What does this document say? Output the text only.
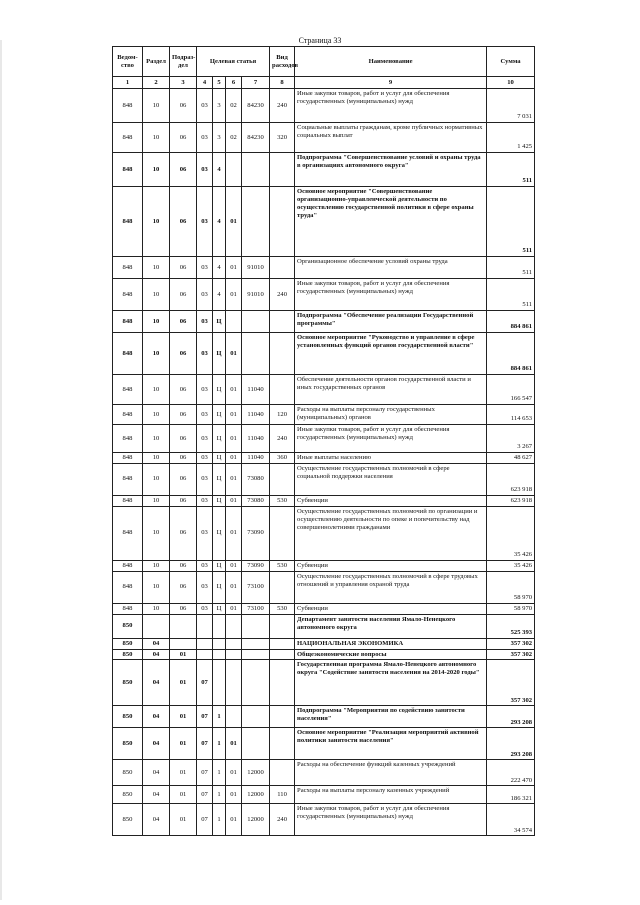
Страница 33
Ведом-ство	Раздел	Подраз-дел	Целевая статья				Вид расходов	Наименование	Сумма
1	2	3	4	5	6	7	8	9	10
848	10	06	03	3	02	84230	240	Иные закупки товаров, работ и услуг для обеспечения государственных (муниципальных) нужд	7 031
848	10	06	03	3	02	84230	320	Социальные выплаты гражданам, кроме публичных нормативных социальных выплат	1 425
848	10	06	03	4				Подпрограмма "Совершенствование условий и охраны труда в организациях автономного округа"	511
848	10	06	03	4	01			Основное мероприятие "Совершенствование организационно-управленческой деятельности по осуществлению государственной политики в сфере охраны труда"	511
848	10	06	03	4	01	91010		Организационное обеспечение условий охраны труда	511
848	10	06	03	4	01	91010	240	Иные закупки товаров, работ и услуг для обеспечения государственных (муниципальных) нужд	511
848	10	06	03	Ц				Подпрограмма "Обеспечение реализации Государственной программы"	884 861
848	10	06	03	Ц	01			Основное мероприятие "Руководство и управление в сфере установленных функций органов государственной власти"	884 861
848	10	06	03	Ц	01	11040		Обеспечение деятельности органов государственной власти и иных государственных органов	166 547
848	10	06	03	Ц	01	11040	120	Расходы на выплаты персоналу государственных (муниципальных) органов	114 653
848	10	06	03	Ц	01	11040	240	Иные закупки товаров, работ и услуг для обеспечения государственных (муниципальных) нужд	3 267
848	10	06	03	Ц	01	11040	360	Иные выплаты населению	48 627
848	10	06	03	Ц	01	73080		Осуществление государственных полномочий в сфере социальной поддержки населения	623 918
848	10	06	03	Ц	01	73080	530	Субвенции	623 918
848	10	06	03	Ц	01	73090		Осуществление государственных полномочий по организации и осуществлению деятельности по опеке и попечительству над совершеннолетними гражданами	35 426
848	10	06	03	Ц	01	73090	530	Субвенции	35 426
848	10	06	03	Ц	01	73100		Осуществление государственных полномочий в сфере трудовых отношений и управления охраной труда	58 970
848	10	06	03	Ц	01	73100	530	Субвенции	58 970
850								Департамент занятости населения Ямало-Ненецкого автономного округа	525 393
850	04							НАЦИОНАЛЬНАЯ ЭКОНОМИКА	357 302
850	04	01						Общеэкономические вопросы	357 302
850	04	01	07					Государственная программа Ямало-Ненецкого автономного округа "Содействие занятости населения на 2014-2020 годы"	357 302
850	04	01	07	1				Подпрограмма "Мероприятия по содействию занятости населения"	293 208
850	04	01	07	1	01			Основное мероприятие "Реализация мероприятий активной политики занятости населения"	293 208
850	04	01	07	1	01	12000		Расходы на обеспечение функций казенных учреждений	222 470
850	04	01	07	1	01	12000	110	Расходы на выплаты персоналу казенных учреждений	186 321
850	04	01	07	1	01	12000	240	Иные закупки товаров, работ и услуг для обеспечения государственных (муниципальных) нужд	34 574
